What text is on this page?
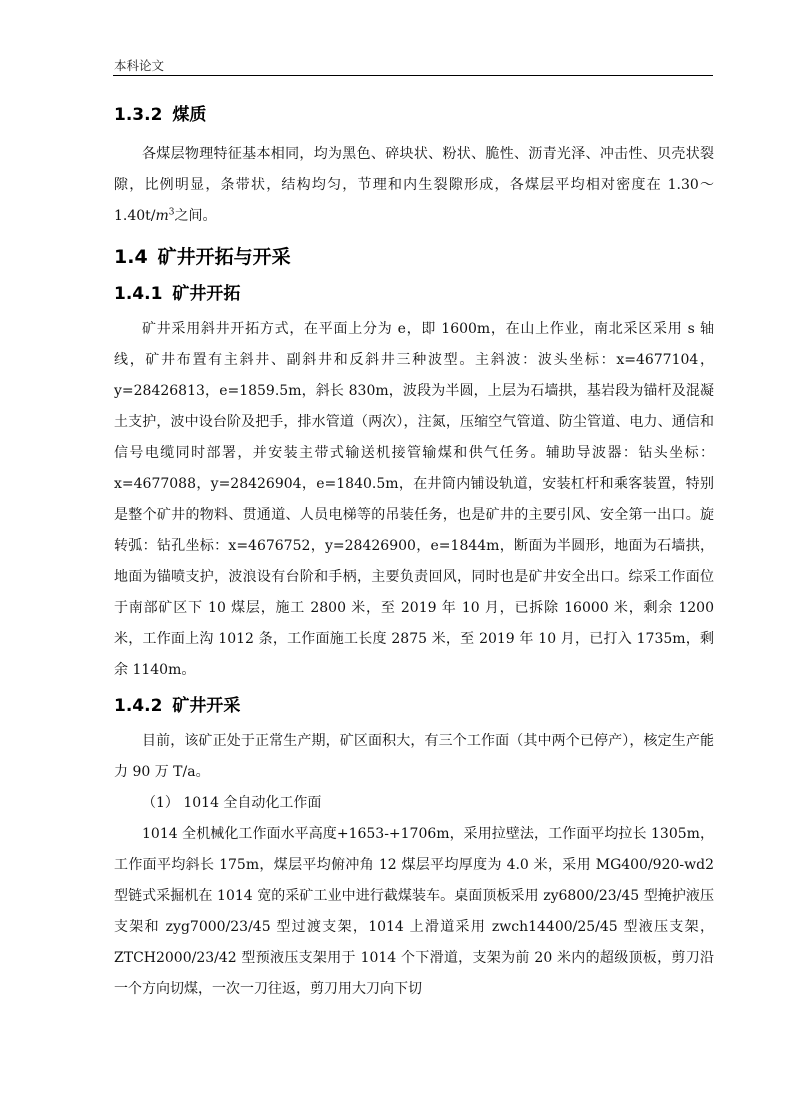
本科论文
1.3.2 煤质

各煤层物理特征基本相同，均为黑色、碎块状、粉状、脆性、沥青光泽、冲击性、贝壳状裂隙，比例明显，条带状，结构均匀，节理和内生裂隙形成，各煤层平均相对密度在 $1.30\sim 1.40t/m^3$之间。

1.4 矿井开拓与开采
1.4.1 矿井开拓

矿井采用斜井开拓方式，在平面上分为 e，即 1600m，在山上作业，南北采区采用 s 轴线，矿井布置有主斜井、副斜井和反斜井三种波型。主斜波：波头坐标：x=4677104，y=28426813，e=1859.5m，斜长 830m，波段为半圆，上层为石墙拱，基岩段为锚杆及混凝土支护，波中设台阶及把手，排水管道（两次），注氮，压缩空气管道、防尘管道、电力、通信和信号电缆同时部署，并安装主带式输送机接管输煤和供气任务。辅助导波器：钻头坐标：x=4677088，y=28426904，e=1840.5m，在井筒内铺设轨道，安装杠杆和乘客装置，特别是整个矿井的物料、贯通道、人员电梯等的吊装任务，也是矿井的主要引风、安全第一出口。旋转弧：钻孔坐标：x=4676752，y=28426900，e=1844m，断面为半圆形，地面为石墙拱，地面为锚喷支护，波浪设有台阶和手柄，主要负责回风，同时也是矿井安全出口。综采工作面位于南部矿区下 10 煤层，施工 2800 米，至 2019 年 10 月，已拆除 16000 米，剩余 1200 米，工作面上沟 1012 条，工作面施工长度 2875 米，至 2019 年 10 月，已打入 1735m，剩余 1140m。

1.4.2 矿井开采

目前，该矿正处于正常生产期，矿区面积大，有三个工作面（其中两个已停产），核定生产能力 90 万 T/a。

（1） 1014 全自动化工作面

1014 全机械化工作面水平高度+1653-+1706m，采用拉壁法，工作面平均拉长 1305m，工作面平均斜长 175m，煤层平均俯冲角 12 煤层平均厚度为 4.0 米，采用 MG400/920-wd2 型链式采掘机在 1014 宽的采矿工业中进行截煤装车。桌面顶板采用 zy6800/23/45 型掩护液压支架和 zyg7000/23/45 型过渡支架，1014 上滑道采用 zwch14400/25/45 型液压支架，ZTCH2000/23/42 型预液压支架用于 1014 个下滑道，支架为前 20 米内的超级顶板，剪刀沿一个方向切煤，一次一刀往返，剪刀用大刀向下切
